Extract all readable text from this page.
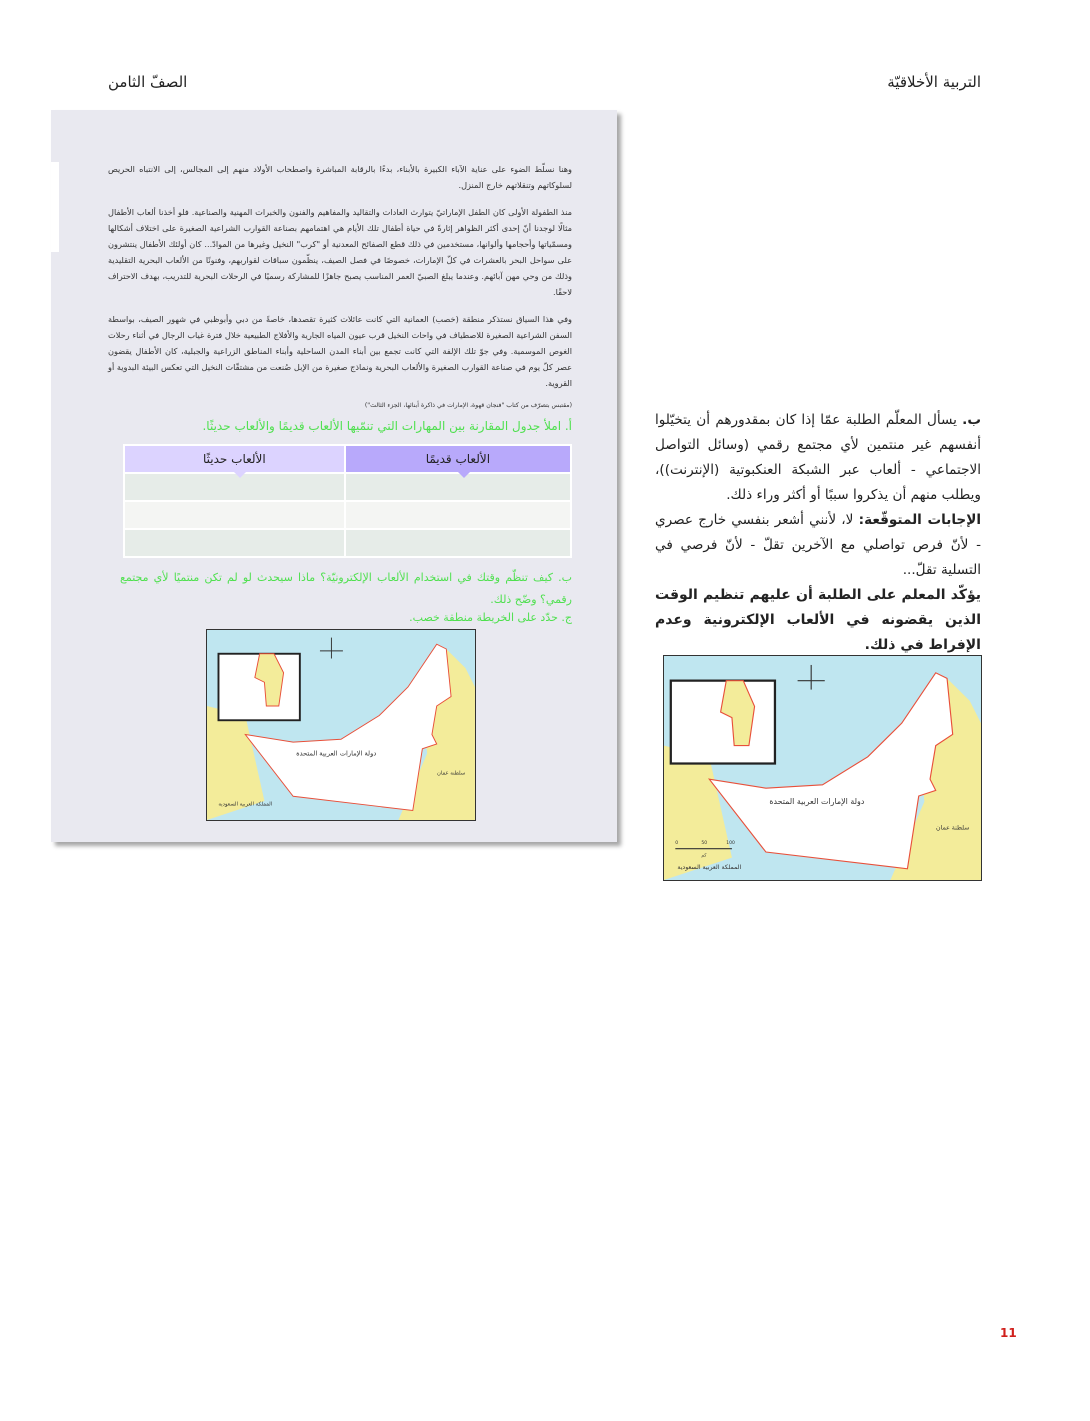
الصفّ الثامن	التربية الأخلاقيّة
وهنا نسلّط الضوء على عناية الآباء الكبيرة بالأبناء، بدءًا بالرقابة المباشرة واصطحاب الأولاد منهم إلى المجالس، إلى الانتباه الحريص لسلوكاتهم وتنقلاتهم خارج المنزل.
منذ الطفولة الأولى كان الطفل الإماراتيّ يتوارث العادات والتقاليد والمفاهيم والفنون والخبرات المهنية والصناعية. فلو أخذنا ألعاب الأطفال مثالًا لوجدنا أنّ إحدى أكثر الظواهر إثارةً في حياة أطفال تلك الأيام هي اهتمامهم بصناعة القوارب الشراعية الصغيرة على اختلاف أشكالها ومسمّياتها وأحجامها وألوانها، مستخدمين في ذلك قطع الصفائح المعدنية أو "كرب" النخيل وغيرها من الموادّ... كان أولئك الأطفال ينتشرون على سواحل البحر بالعشرات في كلّ الإمارات، خصوصًا في فصل الصيف، ينظّمون سباقات لقواربهم، وفنونًا من الألعاب البحرية التقليدية وذلك من وحي مهن آبائهم. وعندما يبلغ الصبيّ العمر المناسب يصبح جاهزًا للمشاركة رسميًا في الرحلات البحرية للتدريب، بهدف الاحتراف لاحقًا.
وفي هذا السياق نستذكر منطقة (خصب) العمانية التي كانت عائلات كثيرة تقصدها، خاصةً من دبي وأبوظبي في شهور الصيف، بواسطة السفن الشراعية الصغيرة للاصطياف في واحات النخيل قرب عيون المياه الجارية والأفلاج الطبيعية خلال فترة غياب الرجال في أثناء رحلات الغوص الموسمية. وفي جوّ تلك الإلفة التي كانت تجمع بين أبناء المدن الساحلية وأبناء المناطق الزراعية والجبلية، كان الأطفال يقضون عصر كلّ يوم في صناعة القوارب الصغيرة والألعاب البحرية ونماذج صغيرة من الإبل صُنعت من مشتقّات النخيل التي تعكس البيئة البدوية أو القروية.
(مقتبس بتصرّف من كتاب "فنجان قهوة، الإمارات في ذاكرة أبنائها، الجزء الثالث")
أ. املأ جدول المقارنة بين المهارات التي تنمّيها الألعاب قديمًا والألعاب حديثًا.
الألعاب حديثًا	الألعاب قديمًا

ب. كيف تنظّم وقتك في استخدام الألعاب الإلكترونيّة؟ ماذا سيحدث لو لم تكن منتميًا لأي مجتمع رقمي؟ وضّح ذلك.
ج. حدّد على الخريطة منطقة خصب.
دولة الإمارات العربية المتحدة
سلطنة عمان
المملكة العربية السعودية
ب. يسأل المعلّم الطلبة عمّا إذا كان بمقدورهم أن يتخيّلوا أنفسهم غير منتمين لأي مجتمع رقمي (وسائل التواصل الاجتماعي - ألعاب عبر الشبكة العنكبوتية (الإنترنت))، ويطلب منهم أن يذكروا سببًا أو أكثر وراء ذلك.
الإجابات المتوقّعة: لا، لأنني أشعر بنفسي خارج عصري - لأنّ فرص تواصلي مع الآخرين تقلّ - لأنّ فرصي في التسلية تقلّ...
يؤكّد المعلم على الطلبة أن عليهم تنظيم الوقت الذين يقضونه في الألعاب الإلكترونية وعدم الإفراط في ذلك.
دولة الإمارات العربية المتحدة
سلطنة عمان
المملكة العربية السعودية
0	50	100
كم
11
